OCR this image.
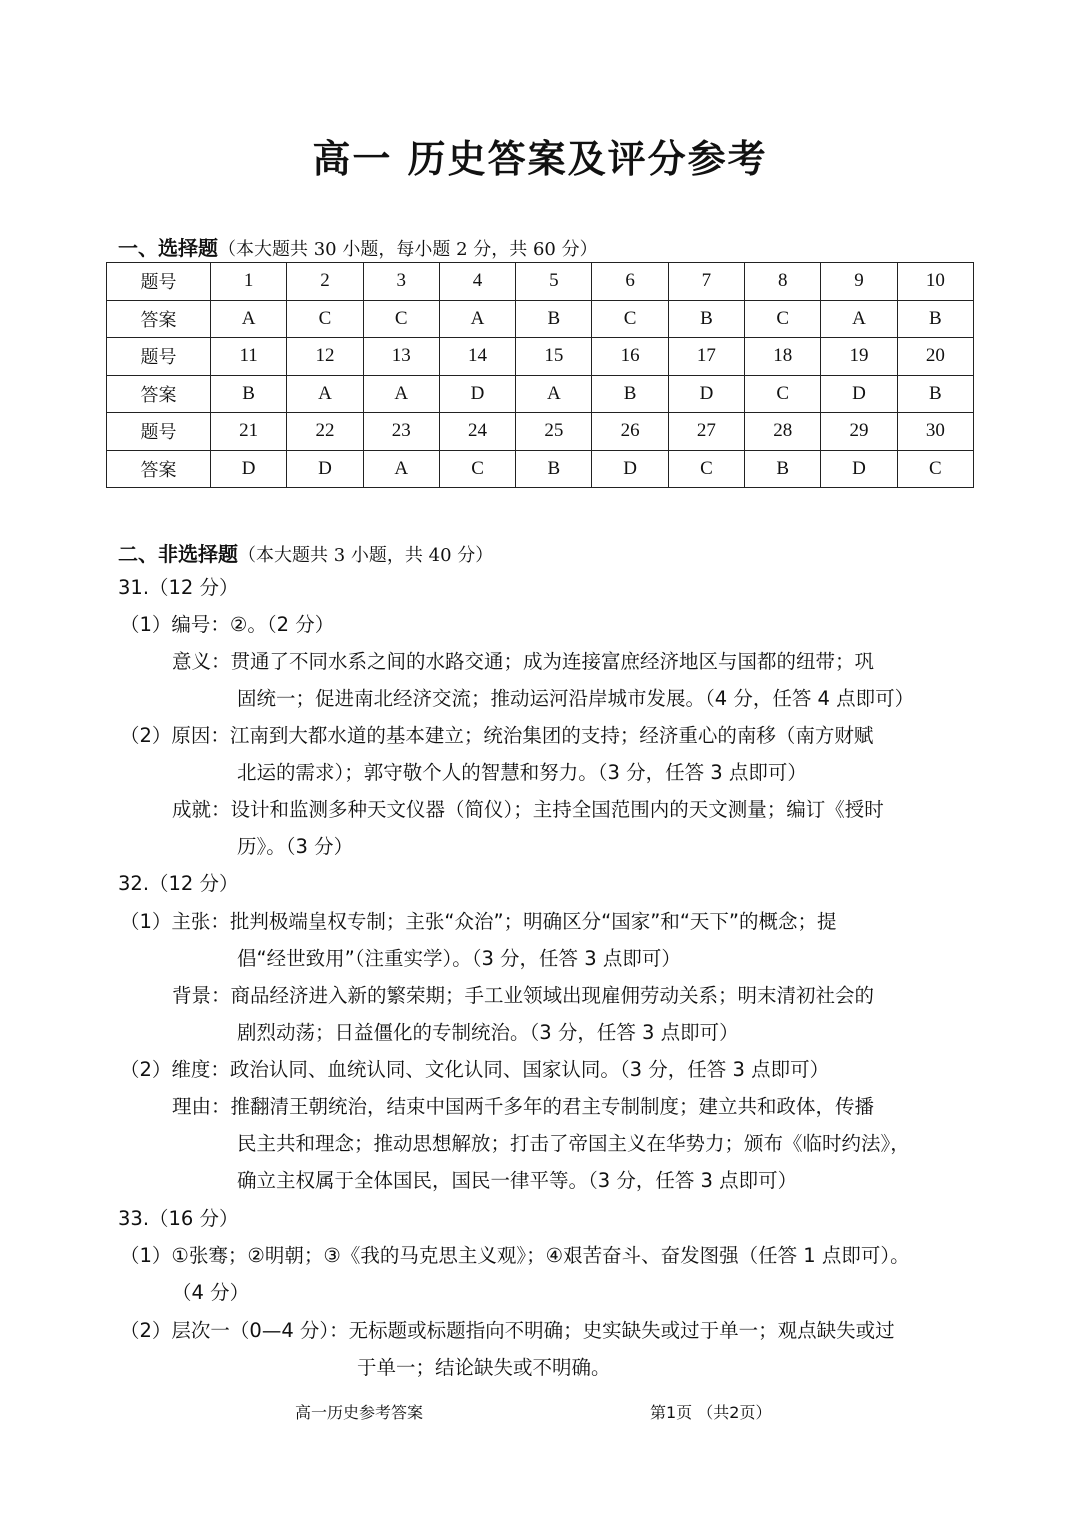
高一 历史答案及评分参考
一、选择题（本大题共 30 小题，每小题 2 分，共 60 分）
题号	1	2	3	4	5	6	7	8	9	10
答案	A	C	C	A	B	C	B	C	A	B
题号	11	12	13	14	15	16	17	18	19	20
答案	B	A	A	D	A	B	D	C	D	B
题号	21	22	23	24	25	26	27	28	29	30
答案	D	D	A	C	B	D	C	B	D	C
二、非选择题（本大题共 3 小题，共 40 分）
31.（12 分）
（1）编号：②。（2 分）
意义：贯通了不同水系之间的水路交通；成为连接富庶经济地区与国都的纽带；巩
固统一；促进南北经济交流；推动运河沿岸城市发展。（4 分，任答 4 点即可）
（2）原因：江南到大都水道的基本建立；统治集团的支持；经济重心的南移（南方财赋
北运的需求）；郭守敬个人的智慧和努力。（3 分，任答 3 点即可）
成就：设计和监测多种天文仪器（简仪）；主持全国范围内的天文测量；编订《授时
历》。（3 分）
32.（12 分）
（1）主张：批判极端皇权专制；主张“众治”；明确区分“国家”和“天下”的概念；提
倡“经世致用”（注重实学）。（3 分，任答 3 点即可）
背景：商品经济进入新的繁荣期；手工业领域出现雇佣劳动关系；明末清初社会的
剧烈动荡；日益僵化的专制统治。（3 分，任答 3 点即可）
（2）维度：政治认同、血统认同、文化认同、国家认同。（3 分，任答 3 点即可）
理由：推翻清王朝统治，结束中国两千多年的君主专制制度；建立共和政体，传播
民主共和理念；推动思想解放；打击了帝国主义在华势力；颁布《临时约法》，
确立主权属于全体国民，国民一律平等。（3 分，任答 3 点即可）
33.（16 分）
（1）①张骞；②明朝；③《我的马克思主义观》；④艰苦奋斗、奋发图强（任答 1 点即可）。
（4 分）
（2）层次一（0—4 分）：无标题或标题指向不明确；史实缺失或过于单一；观点缺失或过
于单一；结论缺失或不明确。
高一历史参考答案	第1页 （共2页）
